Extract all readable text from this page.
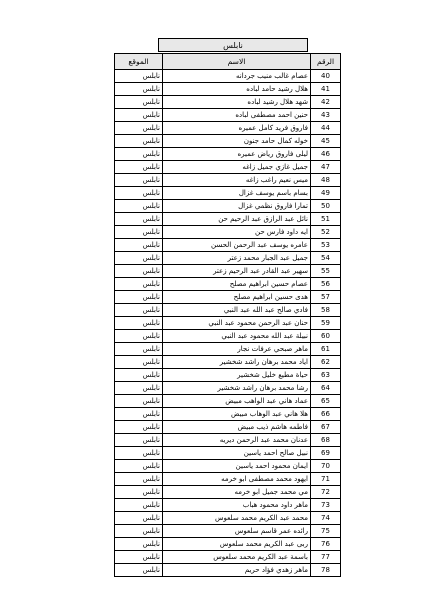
نابلس
الرقم	الاسم	الموقع
40	عصام غالب منيب جردانه	نابلس
41	هلال رشيد حامد لباده	نابلس
42	شهد هلال رشيد لباده	نابلس
43	حنين احمد مصطفى لباده	نابلس
44	فاروق فريد كامل عميره	نابلس
45	خوله كمال حامد جنون	نابلس
46	ليلى فاروق رياض عميره	نابلس
47	جميل غازي جميل زاغه	نابلس
48	ميس نعيم راغب زاغه	نابلس
49	بسام باسم يوسف غزال	نابلس
50	تمارا فاروق نظمي غزال	نابلس
51	نائل عبد الرازق عبد الرحيم حن	نابلس
52	ايه داود فارس حن	نابلس
53	عامره يوسف عبد الرحمن الحسن	نابلس
54	جميل عبد الجبار محمد زعتر	نابلس
55	سهير عبد القادر عبد الرحيم زعتر	نابلس
56	عصام حسين ابراهيم مصلح	نابلس
57	هدى حسين ابراهيم مصلح	نابلس
58	فادي صالح عبد الله عبد النبي	نابلس
59	حنان عبد الرحمن محمود عبد النبي	نابلس
60	نبيلة عبد الله محمود عبد النبي	نابلس
61	ماهر صبحي عرفات نجار	نابلس
62	اياد محمد برهان راشد شخشير	نابلس
63	حياة مطيع خليل شخشير	نابلس
64	رشا محمد برهان راشد شخشير	نابلس
65	عماد هاني عبد الواهب مبيض	نابلس
66	هلا هاني عبد الوهاب مبيض	نابلس
67	فاطمه هاشم ذيب مبيض	نابلس
68	عدنان محمد عبد الرحمن ديريه	نابلس
69	نبيل صالح احمد ياسين	نابلس
70	ايمان محمود احمد ياسين	نابلس
71	ايهود محمد مصطفى ابو خرمه	نابلس
72	مي محمد جميل ابو خرمه	نابلس
73	ماهر داود محمود هباب	نابلس
74	محمد عبد الكريم محمد سلعوس	نابلس
75	رائده عمر قاسم سلعوس	نابلس
76	ربى عبد الكريم محمد سلعوس	نابلس
77	باسمة عبد الكريم محمد سلعوس	نابلس
78	ماهر زهدي فؤاد حريم	نابلس
